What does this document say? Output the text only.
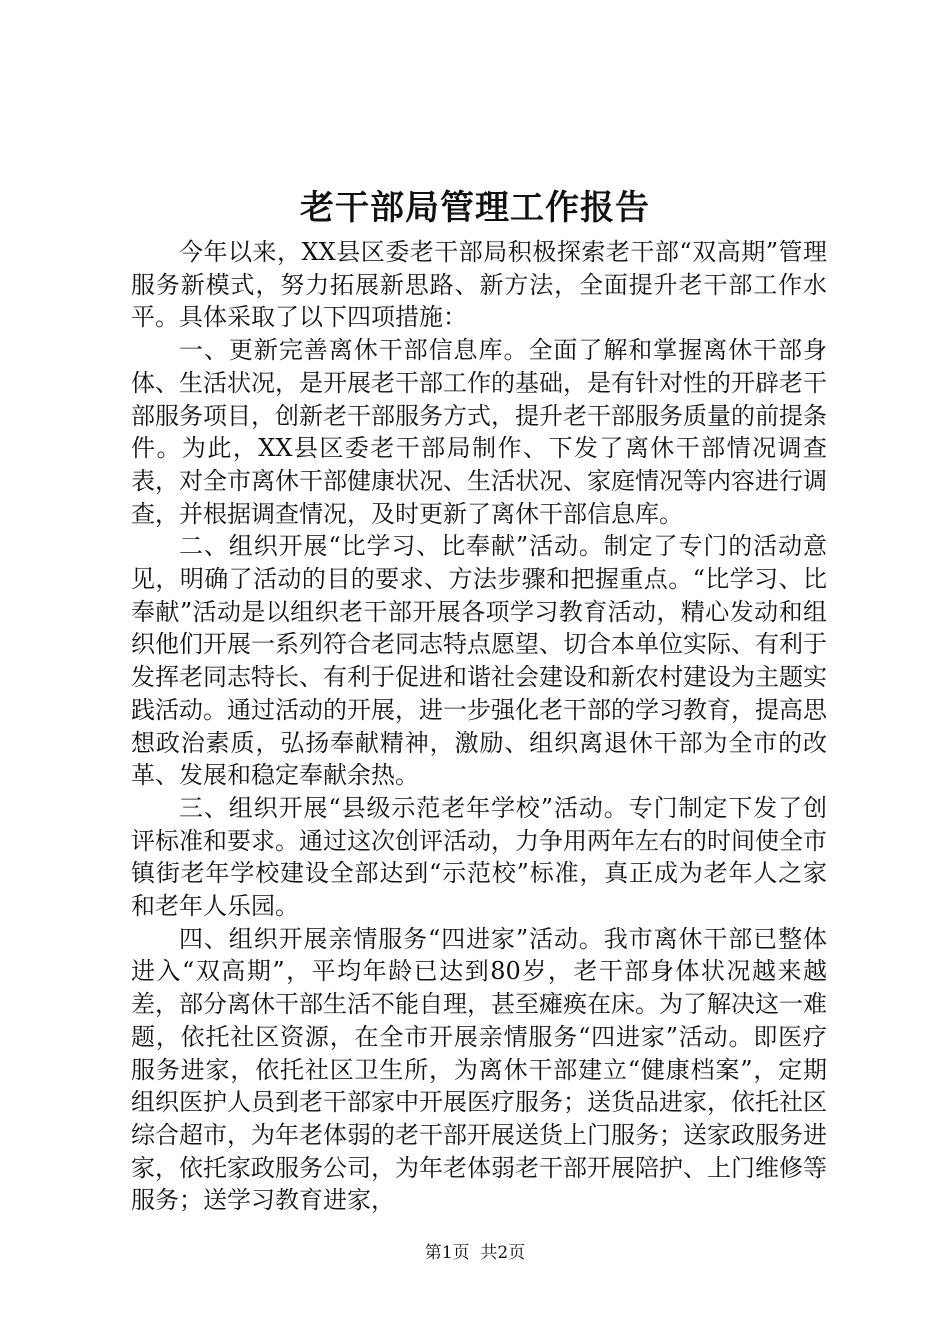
老干部局管理工作报告

今年以来，XX县区委老干部局积极探索老干部“双高期”管理服务新模式，努力拓展新思路、新方法，全面提升老干部工作水平。具体采取了以下四项措施：

一、更新完善离休干部信息库。全面了解和掌握离休干部身体、生活状况，是开展老干部工作的基础，是有针对性的开辟老干部服务项目，创新老干部服务方式，提升老干部服务质量的前提条件。为此，XX县区委老干部局制作、下发了离休干部情况调查表，对全市离休干部健康状况、生活状况、家庭情况等内容进行调查，并根据调查情况，及时更新了离休干部信息库。

二、组织开展“比学习、比奉献”活动。制定了专门的活动意见，明确了活动的目的要求、方法步骤和把握重点。“比学习、比奉献”活动是以组织老干部开展各项学习教育活动，精心发动和组织他们开展一系列符合老同志特点愿望、切合本单位实际、有利于发挥老同志特长、有利于促进和谐社会建设和新农村建设为主题实践活动。通过活动的开展，进一步强化老干部的学习教育，提高思想政治素质，弘扬奉献精神，激励、组织离退休干部为全市的改革、发展和稳定奉献余热。

三、组织开展“县级示范老年学校”活动。专门制定下发了创评标准和要求。通过这次创评活动，力争用两年左右的时间使全市镇街老年学校建设全部达到“示范校”标准，真正成为老年人之家和老年人乐园。

四、组织开展亲情服务“四进家”活动。我市离休干部已整体进入“双高期”，平均年龄已达到80岁，老干部身体状况越来越差，部分离休干部生活不能自理，甚至瘫痪在床。为了解决这一难题，依托社区资源，在全市开展亲情服务“四进家”活动。即医疗服务进家，依托社区卫生所，为离休干部建立“健康档案”，定期组织医护人员到老干部家中开展医疗服务；送货品进家，依托社区综合超市，为年老体弱的老干部开展送货上门服务；送家政服务进家，依托家政服务公司，为年老体弱老干部开展陪护、上门维修等服务；送学习教育进家，

第1页 共2页
